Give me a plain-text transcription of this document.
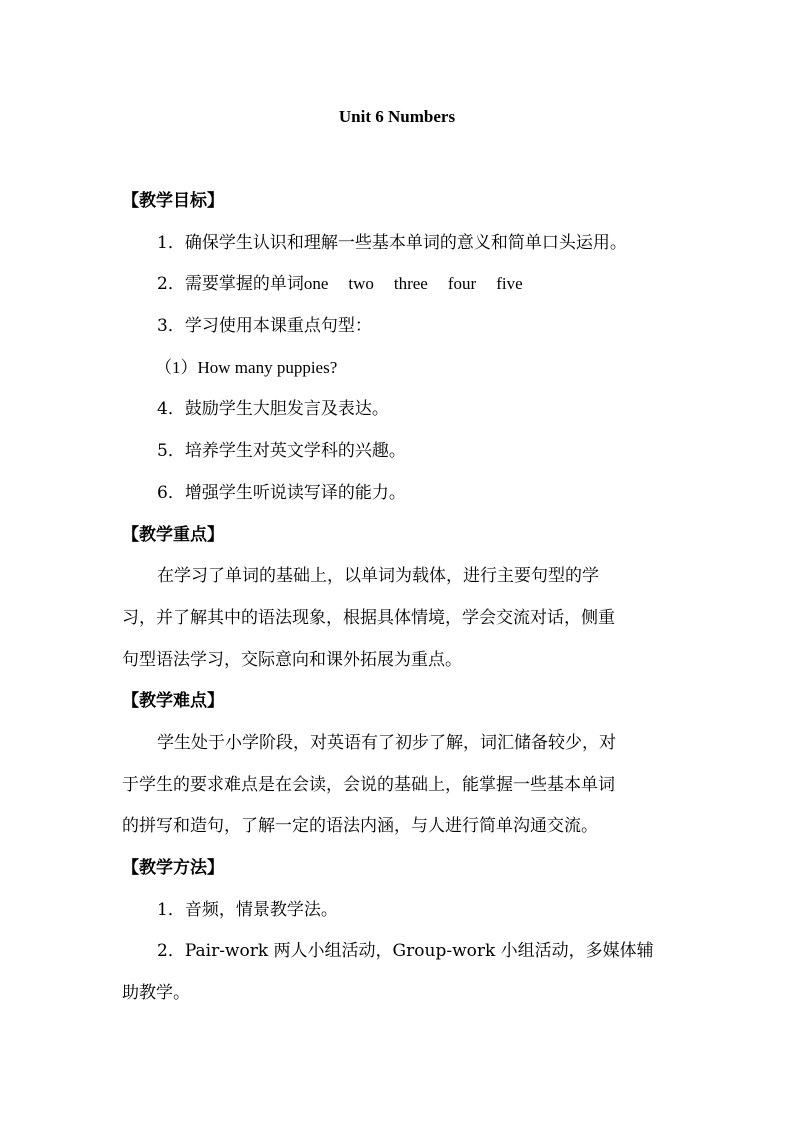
Unit 6 Numbers
【教学目标】
1．确保学生认识和理解一些基本单词的意义和简单口头运用。
2．需要掌握的单词one two three four five
3．学习使用本课重点句型：
（1）How many puppies?
4．鼓励学生大胆发言及表达。
5．培养学生对英文学科的兴趣。
6．增强学生听说读写译的能力。
【教学重点】
在学习了单词的基础上，以单词为载体，进行主要句型的学
习，并了解其中的语法现象，根据具体情境，学会交流对话，侧重
句型语法学习，交际意向和课外拓展为重点。
【教学难点】
学生处于小学阶段，对英语有了初步了解，词汇储备较少，对
于学生的要求难点是在会读，会说的基础上，能掌握一些基本单词
的拼写和造句，了解一定的语法内涵，与人进行简单沟通交流。
【教学方法】
1．音频，情景教学法。
2．Pair-work 两人小组活动，Group-work 小组活动，多媒体辅
助教学。
